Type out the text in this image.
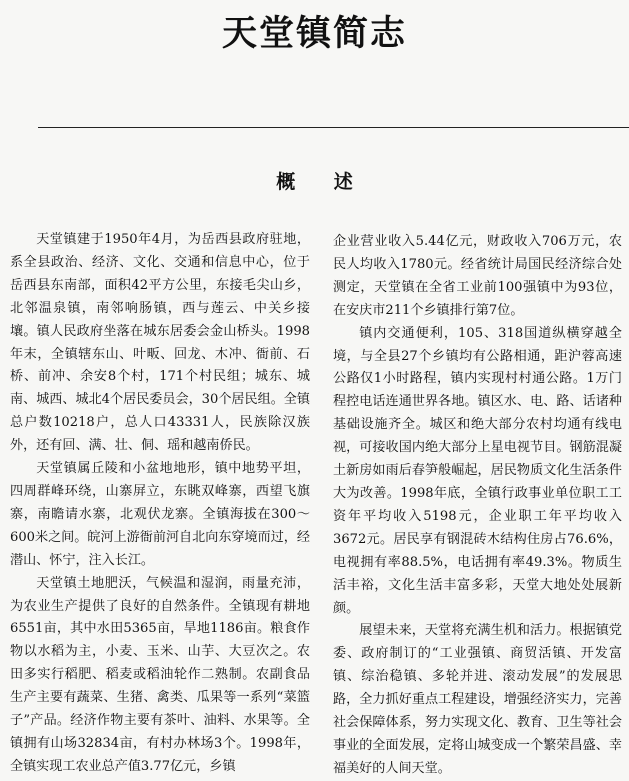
天堂镇简志
概 述

天堂镇建于1950年4月，为岳西县政府驻地，系全县政治、经济、文化、交通和信息中心，位于岳西县东南部，面积42平方公里，东接毛尖山乡，北邻温泉镇，南邻响肠镇，西与莲云、中关乡接壤。镇人民政府坐落在城东居委会金山桥头。1998年末，全镇辖东山、叶畈、回龙、木冲、衙前、石桥、前冲、余安8个村，171个村民组；城东、城南、城西、城北4个居民委员会，30个居民组。全镇总户数10218户，总人口43331人，民族除汉族外，还有回、满、壮、侗、瑶和越南侨民。

天堂镇属丘陵和小盆地地形，镇中地势平坦，四周群峰环绕，山寨屏立，东眺双峰寨，西望飞旗寨，南瞻请水寨，北观伏龙寨。全镇海拔在300～600米之间。皖河上游衙前河自北向东穿境而过，经潜山、怀宁，注入长江。

天堂镇土地肥沃，气候温和湿润，雨量充沛，为农业生产提供了良好的自然条件。全镇现有耕地6551亩，其中水田5365亩，旱地1186亩。粮食作物以水稻为主，小麦、玉米、山芋、大豆次之。农田多实行稻肥、稻麦或稻油轮作二熟制。农副食品生产主要有蔬菜、生猪、禽类、瓜果等一系列“菜篮子”产品。经济作物主要有茶叶、油料、水果等。全镇拥有山场32834亩，有村办林场3个。1998年，全镇实现工农业总产值3.77亿元，乡镇

企业营业收入5.44亿元，财政收入706万元，农民人均收入1780元。经省统计局国民经济综合处测定，天堂镇在全省工业前100强镇中为93位，在安庆市211个乡镇排行第7位。

镇内交通便利，105、318国道纵横穿越全境，与全县27个乡镇均有公路相通，距沪蓉高速公路仅1小时路程，镇内实现村村通公路。1万门程控电话连通世界各地。镇区水、电、路、话诸种基础设施齐全。城区和绝大部分农村均通有线电视，可接收国内绝大部分上星电视节目。钢筋混凝土新房如雨后春笋般崛起，居民物质文化生活条件大为改善。1998年底，全镇行政事业单位职工工资年平均收入5198元，企业职工年平均收入3672元。居民享有钢混砖木结构住房占76.6%，电视拥有率88.5%，电话拥有率49.3%。物质生活丰裕，文化生活丰富多彩，天堂大地处处展新颜。

展望未来，天堂将充满生机和活力。根据镇党委、政府制订的“工业强镇、商贸活镇、开发富镇、综治稳镇、多轮并进、滚动发展”的发展思路，全力抓好重点工程建设，增强经济实力，完善社会保障体系，努力实现文化、教育、卫生等社会事业的全面发展，定将山城变成一个繁荣昌盛、幸福美好的人间天堂。
